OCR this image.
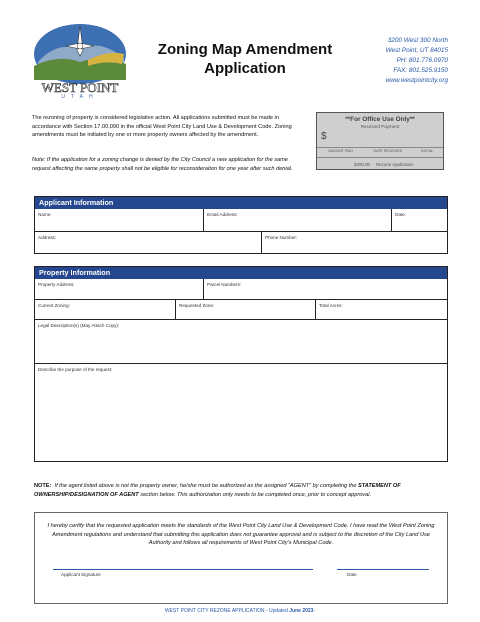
WEST POINT
UTAH
Zoning Map Amendment
Application
3200 West 300 North
West Point, UT 84015
PH: 801.776.0970
FAX: 801.525.9150
www.westpointcity.org
The rezoning of property is considered legislative action. All applications submitted must be made in accordance with Section 17.00.090 in the official West Point City Land Use & Development Code. Zoning amendments must be initiated by one or more property owners affected by the amendment.
Note: If the application for a zoning change is denied by the City Council a new application for the same request affecting the same property shall not be eligible for reconsideration for one year after such denial.
**For Office Use Only**
Received Payment
$
AMOUNT PAID	DATE RECEIVED	INITIAL
$290.00	Rezone Application
Applicant Information
Name:	Email Address:	Date:
Address:	Phone Number:
Property Information
Property Address:	Parcel Numbers:
Current Zoning:	Requested Zone:	Total Acres:
Legal Description(s) (May Attach Copy):
Describe the purpose of the request:
NOTE: If the agent listed above is not the property owner, he/she must be authorized as the assigned “AGENT” by completing the STATEMENT OF OWNERSHIP/DESIGNATION OF AGENT section below. This authorization only needs to be completed once, prior to concept approval.
I hereby certify that the requested application meets the standards of the West Point City Land Use & Development Code. I have read the West Point Zoning Amendment regulations and understand that submitting this application does not guarantee approval and is subject to the discretion of the City Land Use Authority and follows all requirements of West Point City’s Municipal Code.
Applicant Signature	Date
WEST POINT CITY REZONE APPLICATION - Updated June 2023-
